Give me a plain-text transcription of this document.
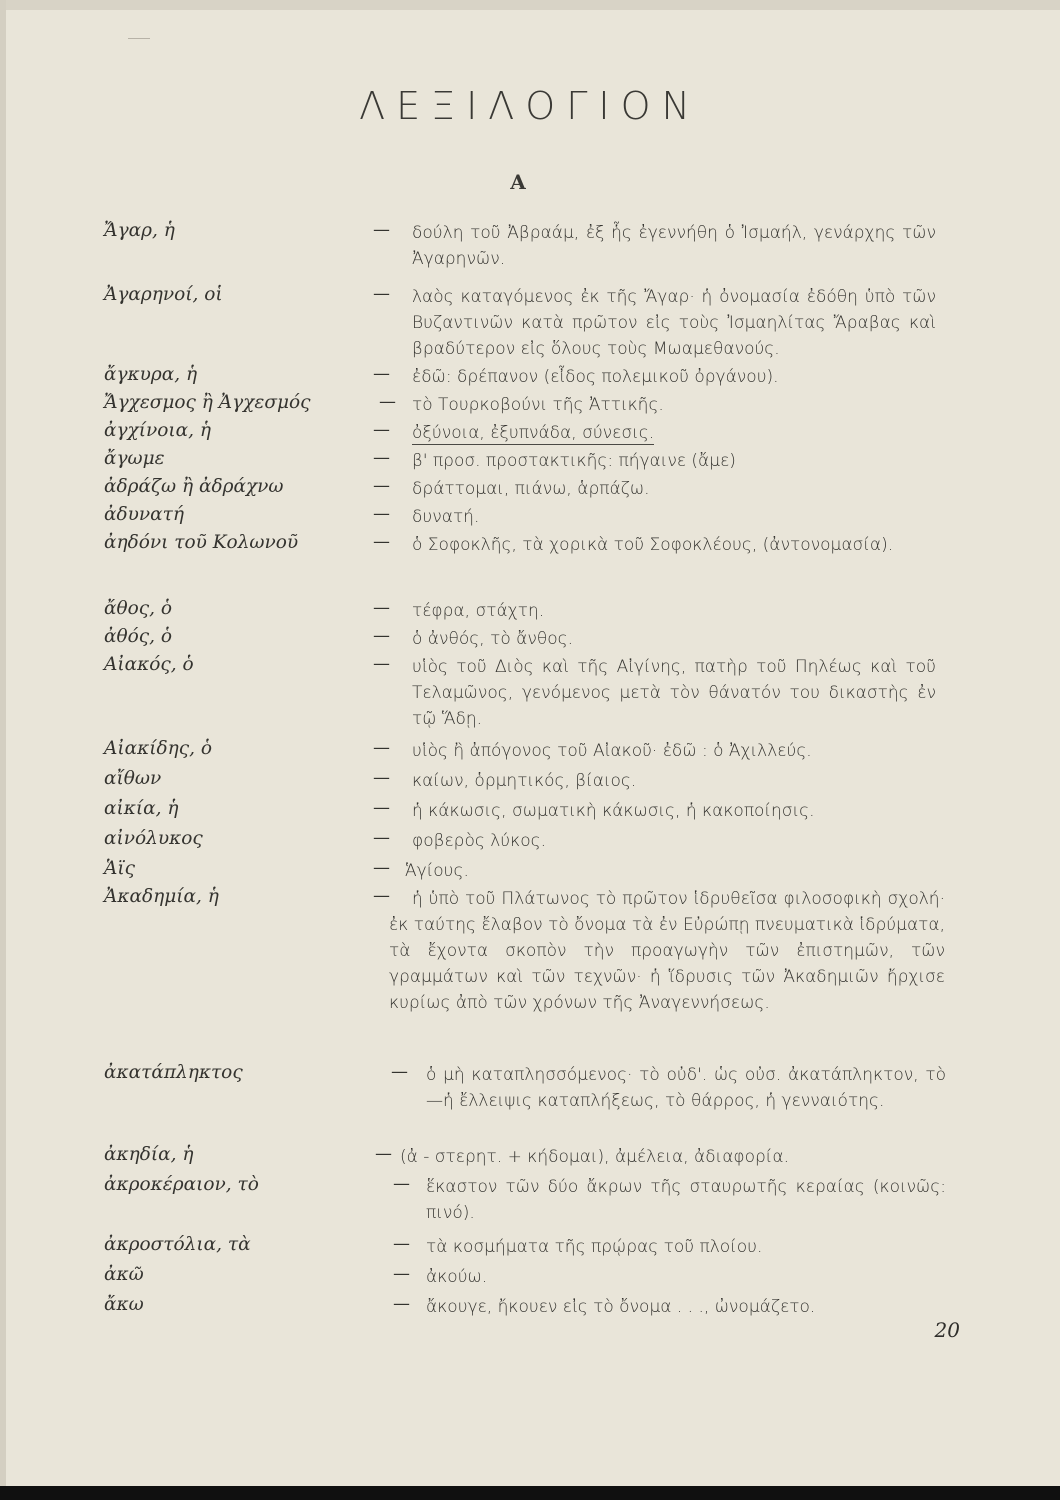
ΛΕΞΙΛΟΓΙΟΝ
Α
Ἄγαρ, ἡ	—	δούλη τοῦ Ἀβραάμ, ἐξ ἧς ἐγεννήθη ὁ Ἰσμαήλ, γενάρχης τῶν Ἀγαρηνῶν.
Ἀγαρηνοί, οἱ	—	λαὸς καταγόμενος ἐκ τῆς Ἄγαρ· ἡ ὀνομασία ἐδόθη ὑπὸ τῶν Βυζαντινῶν κατὰ πρῶτον εἰς τοὺς Ἰσμαηλίτας Ἄραβας καὶ βραδύτερον εἰς ὅλους τοὺς Μωαμεθανούς.
ἄγκυρα, ἡ	—	ἐδῶ: δρέπανον (εἶδος πολεμικοῦ ὀργάνου).
Ἄγχεσμος ἢ Ἀγχεσμός	— τὸ Τουρκοβούνι τῆς Ἀττικῆς.
ἀγχίνοια, ἡ	—	ὀξύνοια, ἐξυπνάδα, σύνεσις.
ἄγωμε	—	β' προσ. προστακτικῆς: πήγαινε (ἄμε)
ἀδράζω ἢ ἀδράχνω	—	δράττομαι, πιάνω, ἁρπάζω.
ἀδυνατή	—	δυνατή.
ἀηδόνι τοῦ Κολωνοῦ	—	ὁ Σοφοκλῆς, τὰ χορικὰ τοῦ Σοφοκλέους, (ἀντονομασία).
ἄθος, ὁ	—	τέφρα, στάχτη.
ἀθός, ὁ	—	ὁ ἀνθός, τὸ ἄνθος.
Αἰακός, ὁ	—	υἱὸς τοῦ Διὸς καὶ τῆς Αἰγίνης, πατὴρ τοῦ Πηλέως καὶ τοῦ Τελαμῶνος, γενόμενος μετὰ τὸν θάνατόν του δικαστὴς ἐν τῷ Ἅδῃ.
Αἰακίδης, ὁ	—	υἱὸς ἢ ἀπόγονος τοῦ Αἰακοῦ· ἐδῶ : ὁ Ἀχιλλεύς.
αἴθων	—	καίων, ὁρμητικός, βίαιος.
αἰκία, ἡ	—	ἡ κάκωσις, σωματικὴ κάκωσις, ἡ κακοποίησις.
αἰνόλυκος	—	φοβερὸς λύκος.
Ἁϊς	— Ἁγίους.
Ἀκαδημία, ἡ	—	ἡ ὑπὸ τοῦ Πλάτωνος τὸ πρῶτον ἱδρυθεῖσα φιλοσοφικὴ σχολή· ἐκ ταύτης ἔλαβον τὸ ὄνομα τὰ ἐν Εὐρώπῃ πνευματικὰ ἱδρύματα, τὰ ἔχοντα σκοπὸν τὴν προαγωγὴν τῶν ἐπιστημῶν, τῶν γραμμάτων καὶ τῶν τεχνῶν· ἡ ἵδρυσις τῶν Ἀκαδημιῶν ἤρχισε κυρίως ἀπὸ τῶν χρόνων τῆς Ἀναγεννήσεως.
ἀκατάπληκτος	—	ὁ μὴ καταπλησσόμενος· τὸ οὐδ'. ὡς οὐσ. ἀκατάπληκτον, τὸ—ἡ ἔλλειψις καταπλήξεως, τὸ θάρρος, ἡ γενναιότης.
ἀκηδία, ἡ	— (ἀ - στερητ. + κήδομαι), ἀμέλεια, ἀδιαφορία.
ἀκροκέραιον, τὸ	— ἕκαστον τῶν δύο ἄκρων τῆς σταυρωτῆς κεραίας (κοινῶς: πινό).
ἀκροστόλια, τὰ	— τὰ κοσμήματα τῆς πρῴρας τοῦ πλοίου.
ἀκῶ	— ἀκούω.
ἄκω	— ἄκουγε, ἤκουεν εἰς τὸ ὄνομα . . ., ὠνομάζετο.
20
